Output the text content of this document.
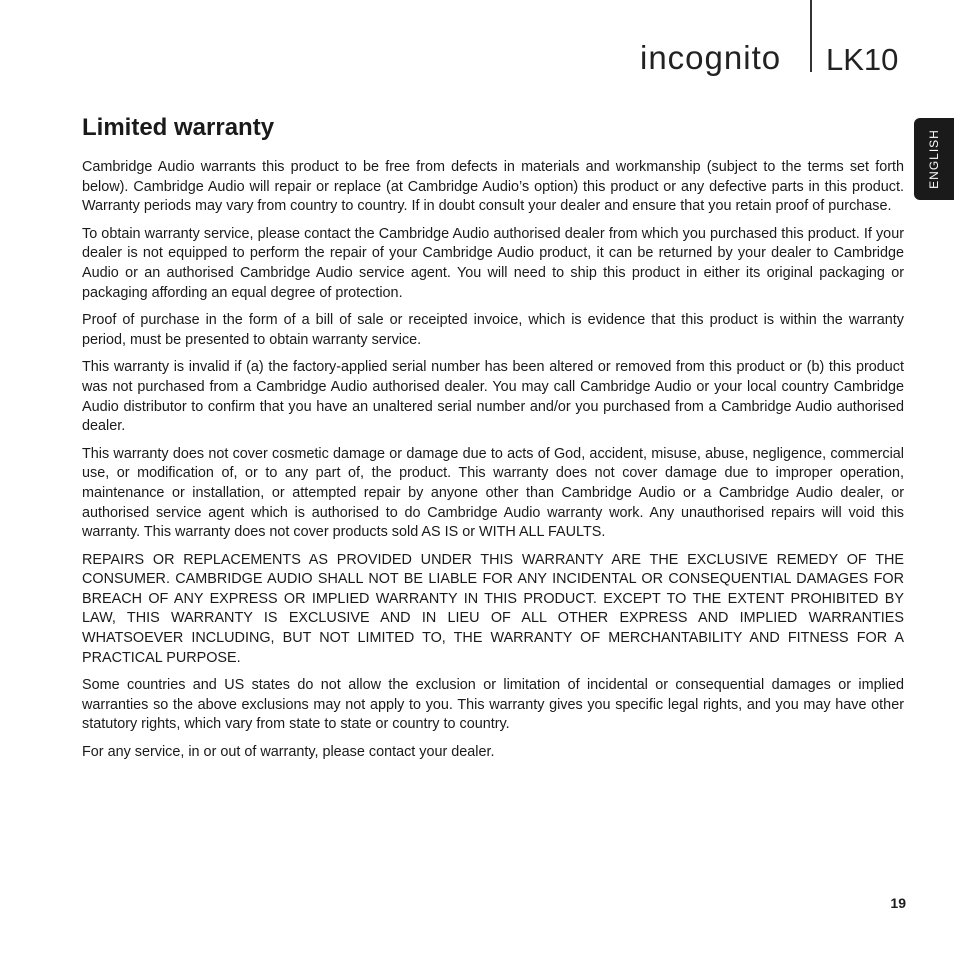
incognito LK10
ENGLISH
Limited warranty

Cambridge Audio warrants this product to be free from defects in materials and workmanship (subject to the terms set forth below). Cambridge Audio will repair or replace (at Cambridge Audio’s option) this product or any defective parts in this product. Warranty periods may vary from country to country. If in doubt consult your dealer and ensure that you retain proof of purchase.

To obtain warranty service, please contact the Cambridge Audio authorised dealer from which you purchased this product. If your dealer is not equipped to perform the repair of your Cambridge Audio product, it can be returned by your dealer to Cambridge Audio or an authorised Cambridge Audio service agent. You will need to ship this product in either its original packaging or packaging affording an equal degree of protection.

Proof of purchase in the form of a bill of sale or receipted invoice, which is evidence that this product is within the warranty period, must be presented to obtain warranty service.

This warranty is invalid if (a) the factory-applied serial number has been altered or removed from this product or (b) this product was not purchased from a Cambridge Audio authorised dealer. You may call Cambridge Audio or your local country Cambridge Audio distributor to confirm that you have an unaltered serial number and/or you purchased from a Cambridge Audio authorised dealer.

This warranty does not cover cosmetic damage or damage due to acts of God, accident, misuse, abuse, negligence, commercial use, or modification of, or to any part of, the product. This warranty does not cover damage due to improper operation, maintenance or installation, or attempted repair by anyone other than Cambridge Audio or a Cambridge Audio dealer, or authorised service agent which is authorised to do Cambridge Audio warranty work. Any unauthorised repairs will void this warranty. This warranty does not cover products sold AS IS or WITH ALL FAULTS.

REPAIRS OR REPLACEMENTS AS PROVIDED UNDER THIS WARRANTY ARE THE EXCLUSIVE REMEDY OF THE CONSUMER. CAMBRIDGE AUDIO SHALL NOT BE LIABLE FOR ANY INCIDENTAL OR CONSEQUENTIAL DAMAGES FOR BREACH OF ANY EXPRESS OR IMPLIED WARRANTY IN THIS PRODUCT. EXCEPT TO THE EXTENT PROHIBITED BY LAW, THIS WARRANTY IS EXCLUSIVE AND IN LIEU OF ALL OTHER EXPRESS AND IMPLIED WARRANTIES WHATSOEVER INCLUDING, BUT NOT LIMITED TO, THE WARRANTY OF MERCHANTABILITY AND FITNESS FOR A PRACTICAL PURPOSE.

Some countries and US states do not allow the exclusion or limitation of incidental or consequential damages or implied warranties so the above exclusions may not apply to you. This warranty gives you specific legal rights, and you may have other statutory rights, which vary from state to state or country to country.

For any service, in or out of warranty, please contact your dealer.

19
